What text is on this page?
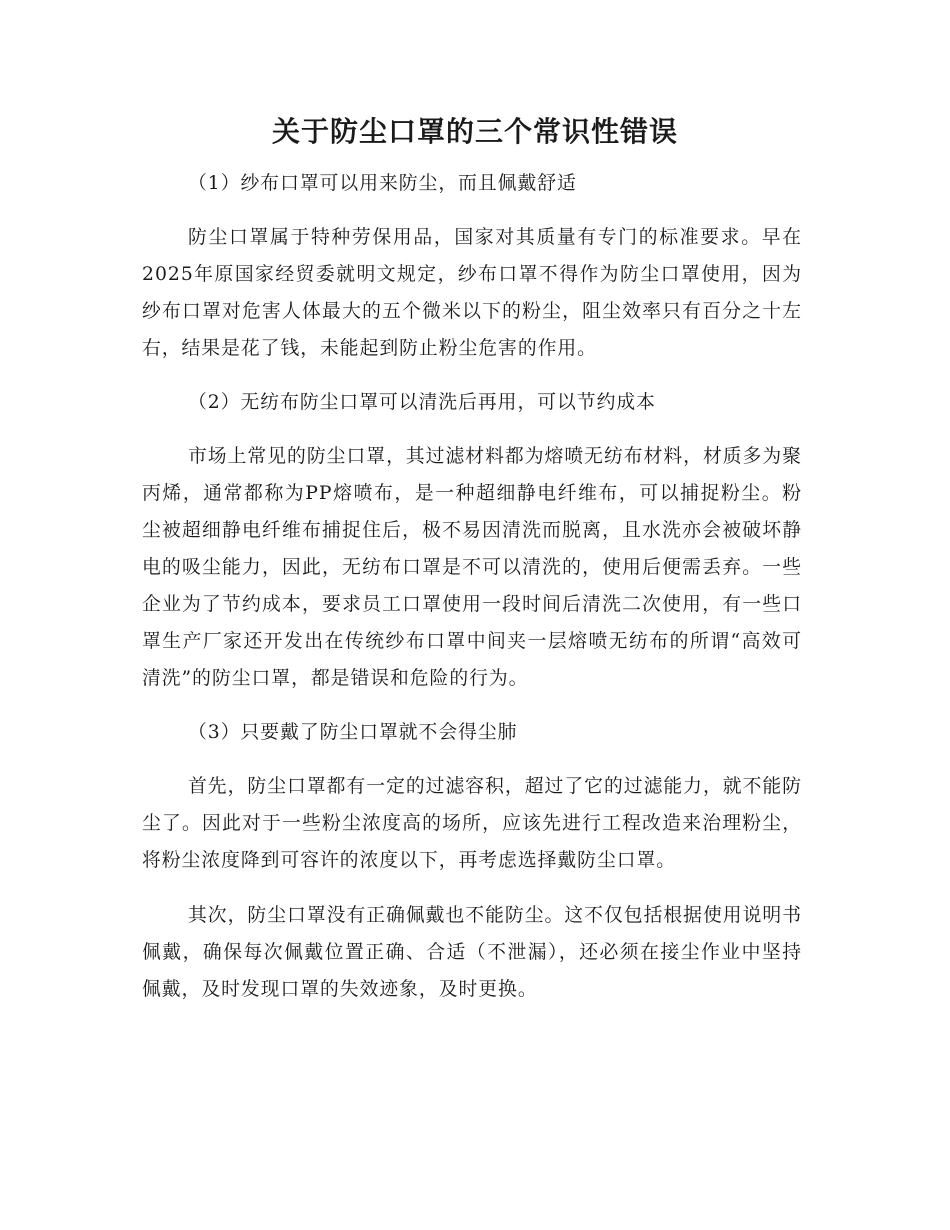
关于防尘口罩的三个常识性错误

（1）纱布口罩可以用来防尘，而且佩戴舒适

防尘口罩属于特种劳保用品，国家对其质量有专门的标准要求。早在2025年原国家经贸委就明文规定，纱布口罩不得作为防尘口罩使用，因为纱布口罩对危害人体最大的五个微米以下的粉尘，阻尘效率只有百分之十左右，结果是花了钱，未能起到防止粉尘危害的作用。

（2）无纺布防尘口罩可以清洗后再用，可以节约成本

市场上常见的防尘口罩，其过滤材料都为熔喷无纺布材料，材质多为聚丙烯，通常都称为PP熔喷布，是一种超细静电纤维布，可以捕捉粉尘。粉尘被超细静电纤维布捕捉住后，极不易因清洗而脱离，且水洗亦会被破坏静电的吸尘能力，因此，无纺布口罩是不可以清洗的，使用后便需丢弃。一些企业为了节约成本，要求员工口罩使用一段时间后清洗二次使用，有一些口罩生产厂家还开发出在传统纱布口罩中间夹一层熔喷无纺布的所谓“高效可清洗”的防尘口罩，都是错误和危险的行为。

（3）只要戴了防尘口罩就不会得尘肺

首先，防尘口罩都有一定的过滤容积，超过了它的过滤能力，就不能防尘了。因此对于一些粉尘浓度高的场所，应该先进行工程改造来治理粉尘，将粉尘浓度降到可容许的浓度以下，再考虑选择戴防尘口罩。

其次，防尘口罩没有正确佩戴也不能防尘。这不仅包括根据使用说明书佩戴，确保每次佩戴位置正确、合适（不泄漏），还必须在接尘作业中坚持佩戴，及时发现口罩的失效迹象，及时更换。
